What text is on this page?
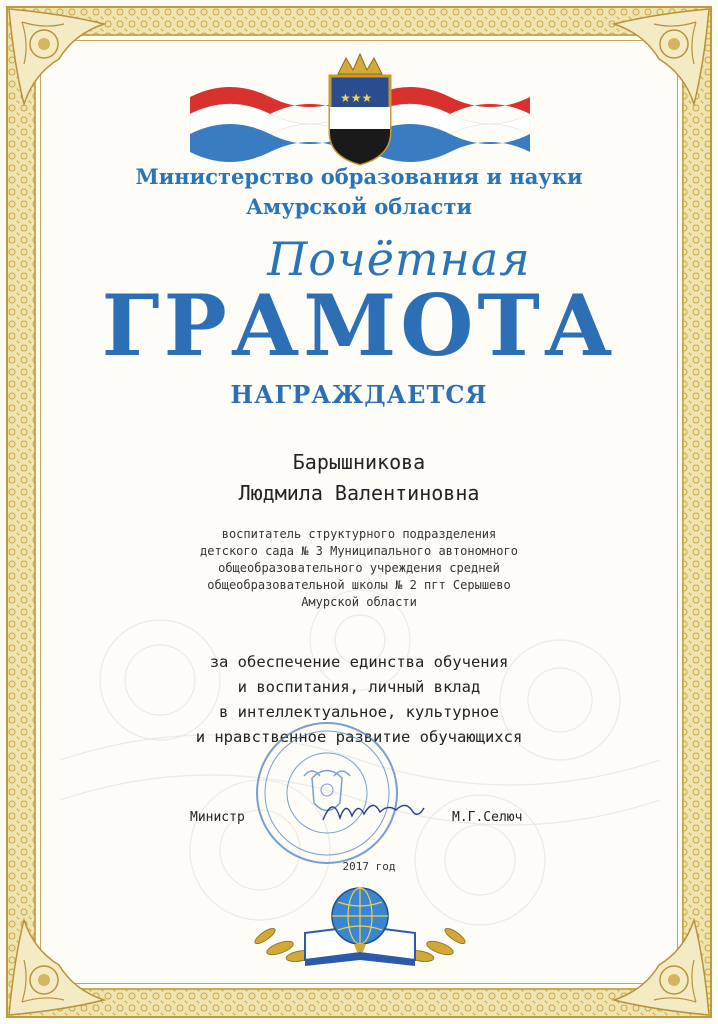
★★★

Министерство образования и науки

Амурской области

Почётная

ГРАМОТА

НАГРАЖДАЕТСЯ

Барышникова

Людмила Валентиновна

воспитатель структурного подразделения
детского сада № 3 Муниципального автономного
общеобразовательного учреждения средней
общеобразовательной школы № 2 пгт Серышево
Амурской области
за обеспечение единства обучения
и воспитания, личный вклад
в интеллектуальное, культурное
и нравственное развитие обучающихся
Министр	М.Г.Селюч

2017 год
